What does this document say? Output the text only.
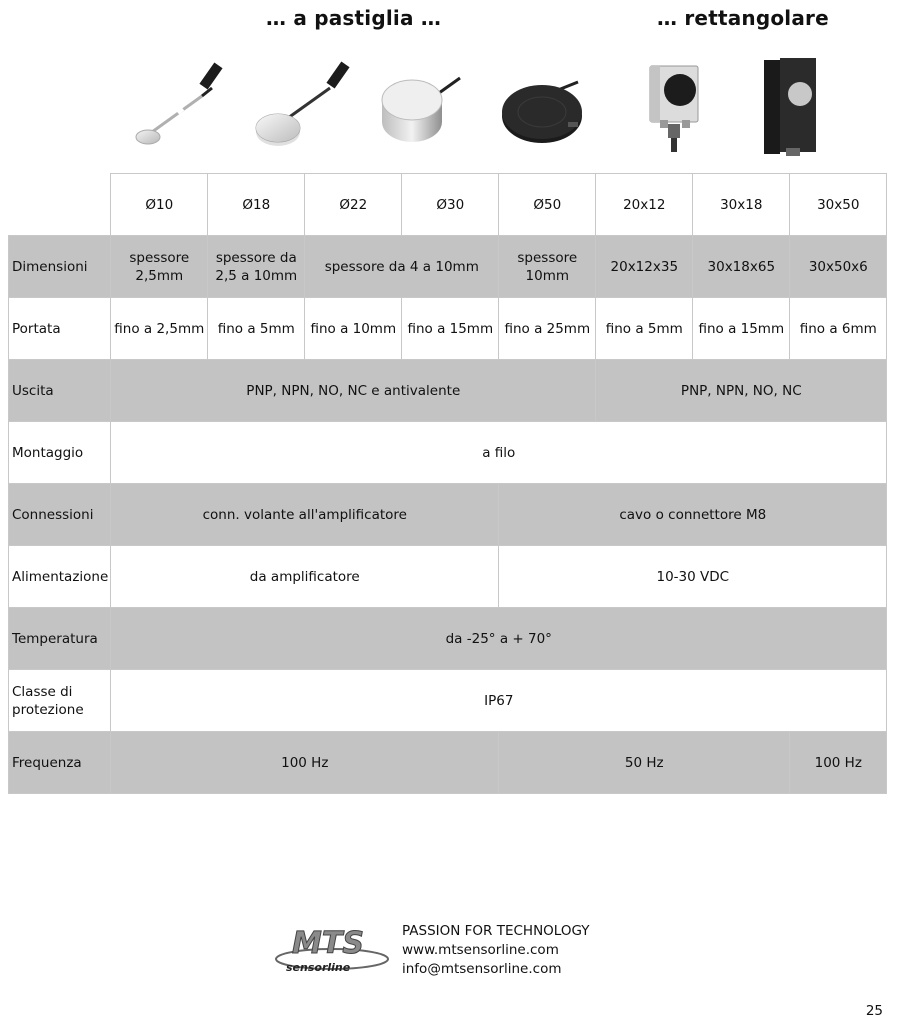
… a pastiglia …	… rettangolare
	Ø10	Ø18	Ø22	Ø30	Ø50	20x12	30x18	30x50
Dimensioni	spessore 2,5mm	spessore da 2,5 a 10mm	spessore da 4 a 10mm		spessore 10mm	20x12x35	30x18x65	30x50x6
Portata	fino a 2,5mm	fino a 5mm	fino a 10mm	fino a 15mm	fino a 25mm	fino a 5mm	fino a 15mm	fino a 6mm
Uscita	PNP, NPN, NO, NC e antivalente					PNP, NPN, NO, NC		
Montaggio	a filo							
Connessioni	conn. volante all'amplificatore				cavo o connettore M8			
Alimentazione	da amplificatore				10-30 VDC			
Temperatura	da -25° a + 70°							
Classe di protezione	IP67							
Frequenza	100 Hz				50 Hz			100 Hz
MTS
sensorline
PASSION FOR TECHNOLOGY
www.mtsensorline.com
info@mtsensorline.com
25
